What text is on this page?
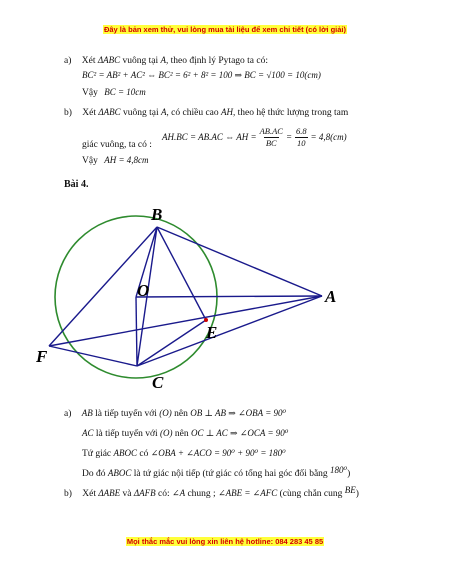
Đây là bản xem thử, vui lòng mua tài liệu để xem chi tiết (có lời giải)
a) Xét ΔABC vuông tại A, theo định lý Pytago ta có:
BC² = AB² + AC² ⇔ BC² = 6² + 8² = 100 ⇒ BC = √100 = 10(cm)
Vậy BC = 10cm
b) Xét ΔABC vuông tại A, có chiều cao AH, theo hệ thức lượng trong tam
AH.BC = AB.AC ⇔ AH = $\frac{AB.AC}{BC} = \frac{6.8}{10} = 4,8(cm)$
giác vuông, ta có :
Vậy AH = 4,8cm
Bài 4.
B
O	A
E
F
C
a) AB là tiếp tuyến với (O) nên OB ⊥ AB ⇒ ∠OBA = 90⁰
AC là tiếp tuyến với (O) nên OC ⊥ AC ⇒ ∠OCA = 90⁰
Tứ giác ABOC có ∠OBA + ∠ACO = 90⁰ + 90⁰ = 180⁰
Do đó ABOC là tứ giác nội tiếp (tứ giác có tổng hai góc đối bằng 180⁰)
b) Xét ΔABE và ΔAFB có: ∠A chung ; ∠ABE = ∠AFC (cùng chắn cung BE)
Mọi thắc mắc vui lòng xin liên hệ hotline: 084 283 45 85
